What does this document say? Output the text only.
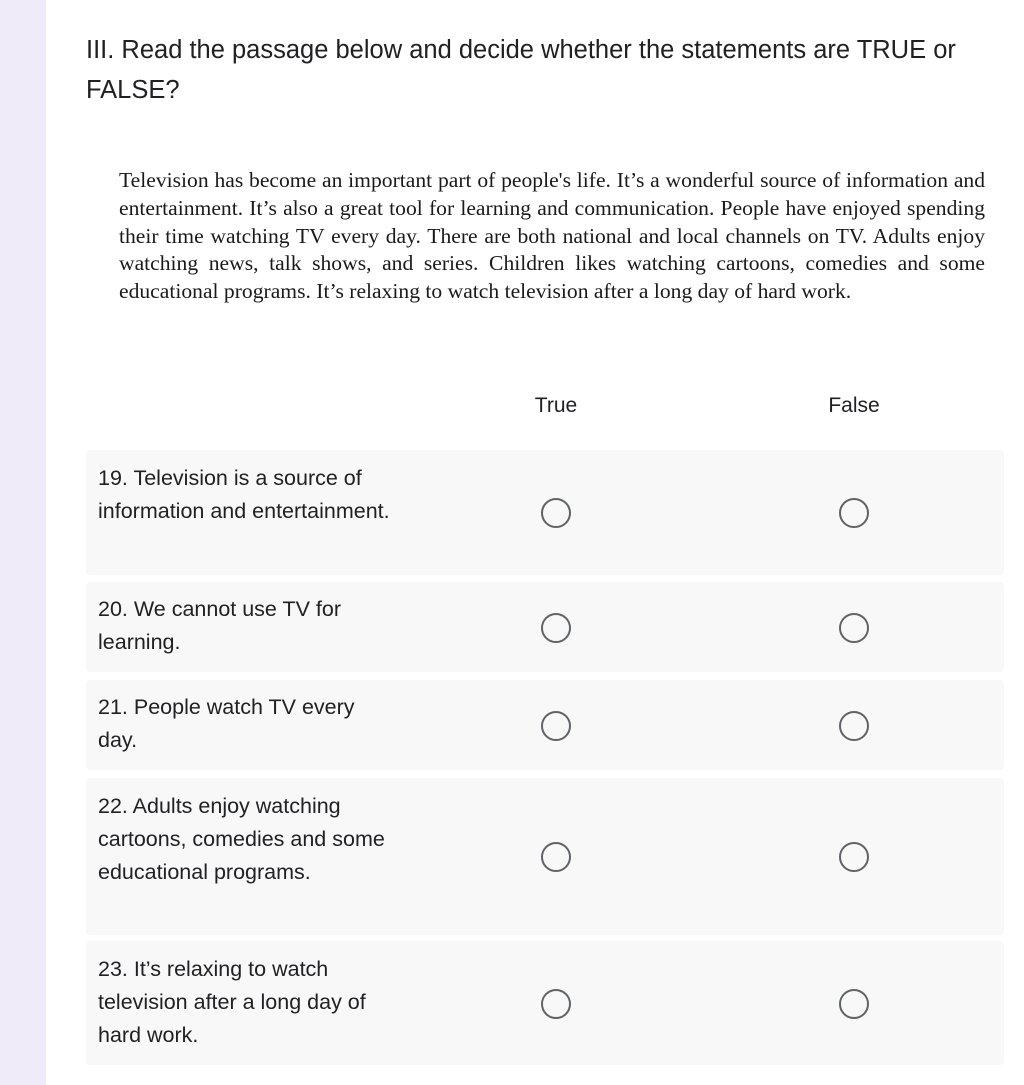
III. Read the passage below and decide whether the statements are TRUE or FALSE?

Television has become an important part of people's life. It’s a wonderful source of information and entertainment. It’s also a great tool for learning and communication. People have enjoyed spending their time watching TV every day. There are both national and local channels on TV. Adults enjoy watching news, talk shows, and series. Children likes watching cartoons, comedies and some educational programs. It’s relaxing to watch television after a long day of hard work.

True	False
19. Television is a source of information and entertainment.
20. We cannot use TV for learning.
21. People watch TV every day.
22. Adults enjoy watching cartoons, comedies and some educational programs.
23. It’s relaxing to watch television after a long day of hard work.
